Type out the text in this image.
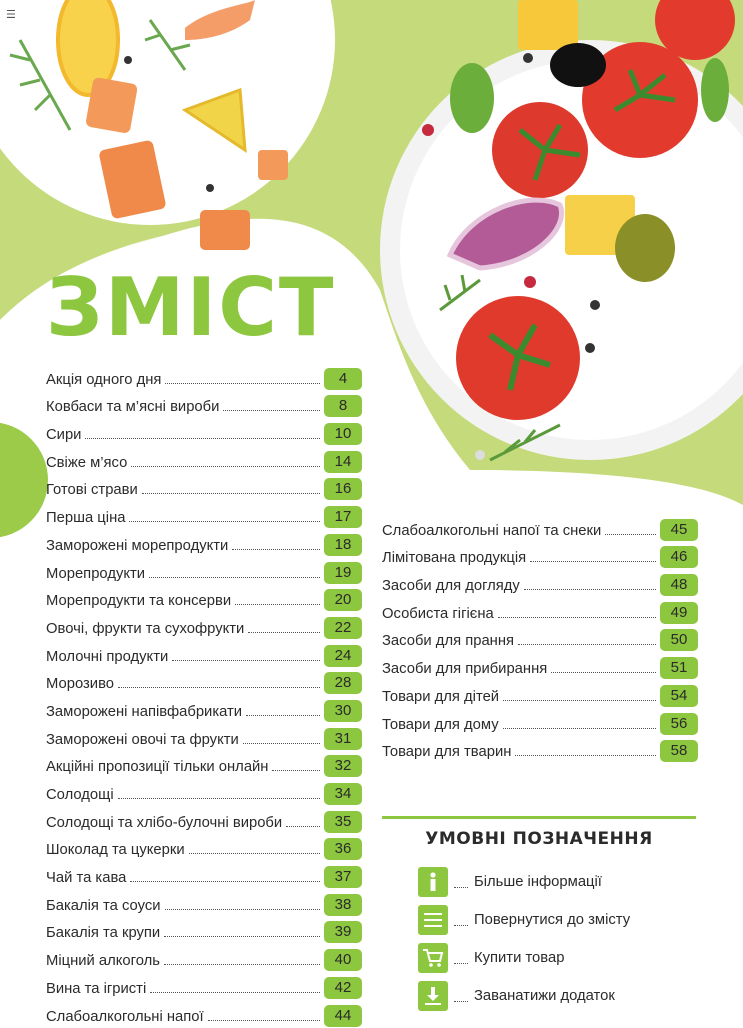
☰
ЗМІСТ
Акція одного дня	4
Ковбаси та м’ясні вироби	8
Сири	10
Свіже м’ясо	14
Готові страви	16
Перша ціна	17
Заморожені морепродукти	18
Морепродукти	19
Морепродукти та консерви	20
Овочі, фрукти та сухофрукти	22
Молочні продукти	24
Морозиво	28
Заморожені напівфабрикати	30
Заморожені овочі та фрукти	31
Акційні пропозиції тільки онлайн	32
Солодощі	34
Солодощі та хлібо-булочні вироби	35
Шоколад та цукерки	36
Чай та кава	37
Бакалія та соуси	38
Бакалія та крупи	39
Міцний алкоголь	40
Вина та ігристі	42
Слабоалкогольні напої	44
Слабоалкогольні напої та снеки	45
Лімітована продукція	46
Засоби для догляду	48
Особиста гігієна	49
Засоби для прання	50
Засоби для прибирання	51
Товари для дітей	54
Товари для дому	56
Товари для тварин	58
УМОВНІ ПОЗНАЧЕННЯ
Більше інформації
Повернутися до змісту
Купити товар
Заванатижи додаток
